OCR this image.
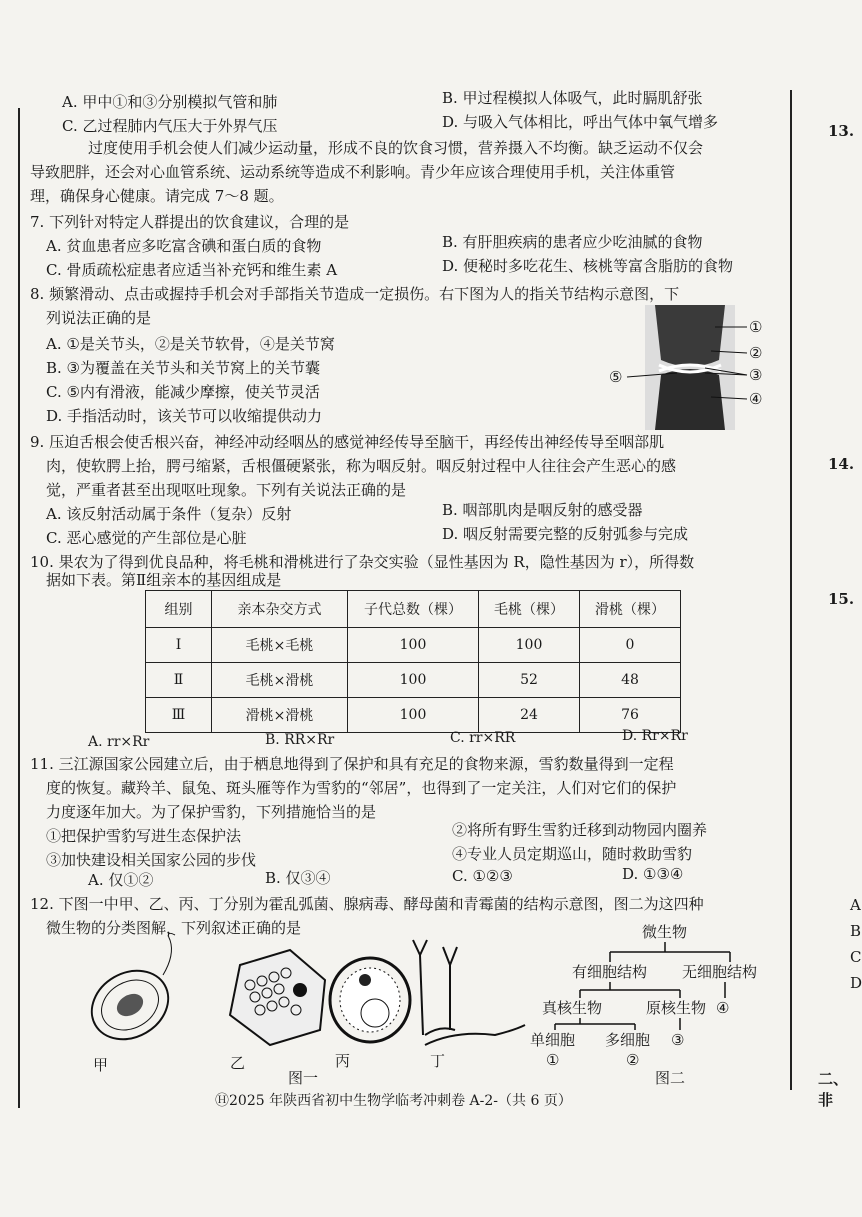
A. 甲中①和③分别模拟气管和肺	B. 甲过程模拟人体吸气，此时膈肌舒张
C. 乙过程肺内气压大于外界气压	D. 与吸入气体相比，呼出气体中氧气增多
过度使用手机会使人们减少运动量，形成不良的饮食习惯，营养摄入不均衡。缺乏运动不仅会
导致肥胖，还会对心血管系统、运动系统等造成不利影响。青少年应该合理使用手机，关注体重管
理，确保身心健康。请完成 7～8 题。
7. 下列针对特定人群提出的饮食建议，合理的是
A. 贫血患者应多吃富含碘和蛋白质的食物	B. 有肝胆疾病的患者应少吃油腻的食物
C. 骨质疏松症患者应适当补充钙和维生素 A	D. 便秘时多吃花生、核桃等富含脂肪的食物
8. 频繁滑动、点击或握持手机会对手部指关节造成一定损伤。右下图为人的指关节结构示意图，下
列说法正确的是
A. ①是关节头，②是关节软骨，④是关节窝
B. ③为覆盖在关节头和关节窝上的关节囊
C. ⑤内有滑液，能减少摩擦，使关节灵活
D. 手指活动时，该关节可以收缩提供动力
①
②
③
④
⑤
9. 压迫舌根会使舌根兴奋，神经冲动经咽丛的感觉神经传导至脑干，再经传出神经传导至咽部肌
肉，使软腭上抬，腭弓缩紧，舌根僵硬紧张，称为咽反射。咽反射过程中人往往会产生恶心的感
觉，严重者甚至出现呕吐现象。下列有关说法正确的是
A. 该反射活动属于条件（复杂）反射	B. 咽部肌肉是咽反射的感受器
C. 恶心感觉的产生部位是心脏	D. 咽反射需要完整的反射弧参与完成
10. 果农为了得到优良品种，将毛桃和滑桃进行了杂交实验（显性基因为 R，隐性基因为 r），所得数
据如下表。第Ⅱ组亲本的基因组成是
组别	亲本杂交方式	子代总数（棵）	毛桃（棵）	滑桃（棵）
Ⅰ	毛桃×毛桃	100	100	0
Ⅱ	毛桃×滑桃	100	52	48
Ⅲ	滑桃×滑桃	100	24	76
A. rr×Rr	B. RR×Rr	C. rr×RR	D. Rr×Rr
11. 三江源国家公园建立后，由于栖息地得到了保护和具有充足的食物来源，雪豹数量得到一定程
度的恢复。藏羚羊、鼠兔、斑头雁等作为雪豹的“邻居”，也得到了一定关注，人们对它们的保护
力度逐年加大。为了保护雪豹，下列措施恰当的是
①把保护雪豹写进生态保护法	②将所有野生雪豹迁移到动物园内圈养
③加快建设相关国家公园的步伐	④专业人员定期巡山，随时救助雪豹
A. 仅①②	B. 仅③④	C. ①②③	D. ①③④
12. 下图一中甲、乙、丙、丁分别为霍乱弧菌、腺病毒、酵母菌和青霉菌的结构示意图，图二为这四种
微生物的分类图解，下列叙述正确的是
甲	乙	丙	丁
图一
微生物
有细胞结构 无细胞结构
真核生物	原核生物 ④
单细胞 多细胞 ③
①	②
图二
Ⓗ2025 年陕西省初中生物学临考冲刺卷 A-2-（共 6 页）
13.
14.
15.
A
B
C
D
二、非
